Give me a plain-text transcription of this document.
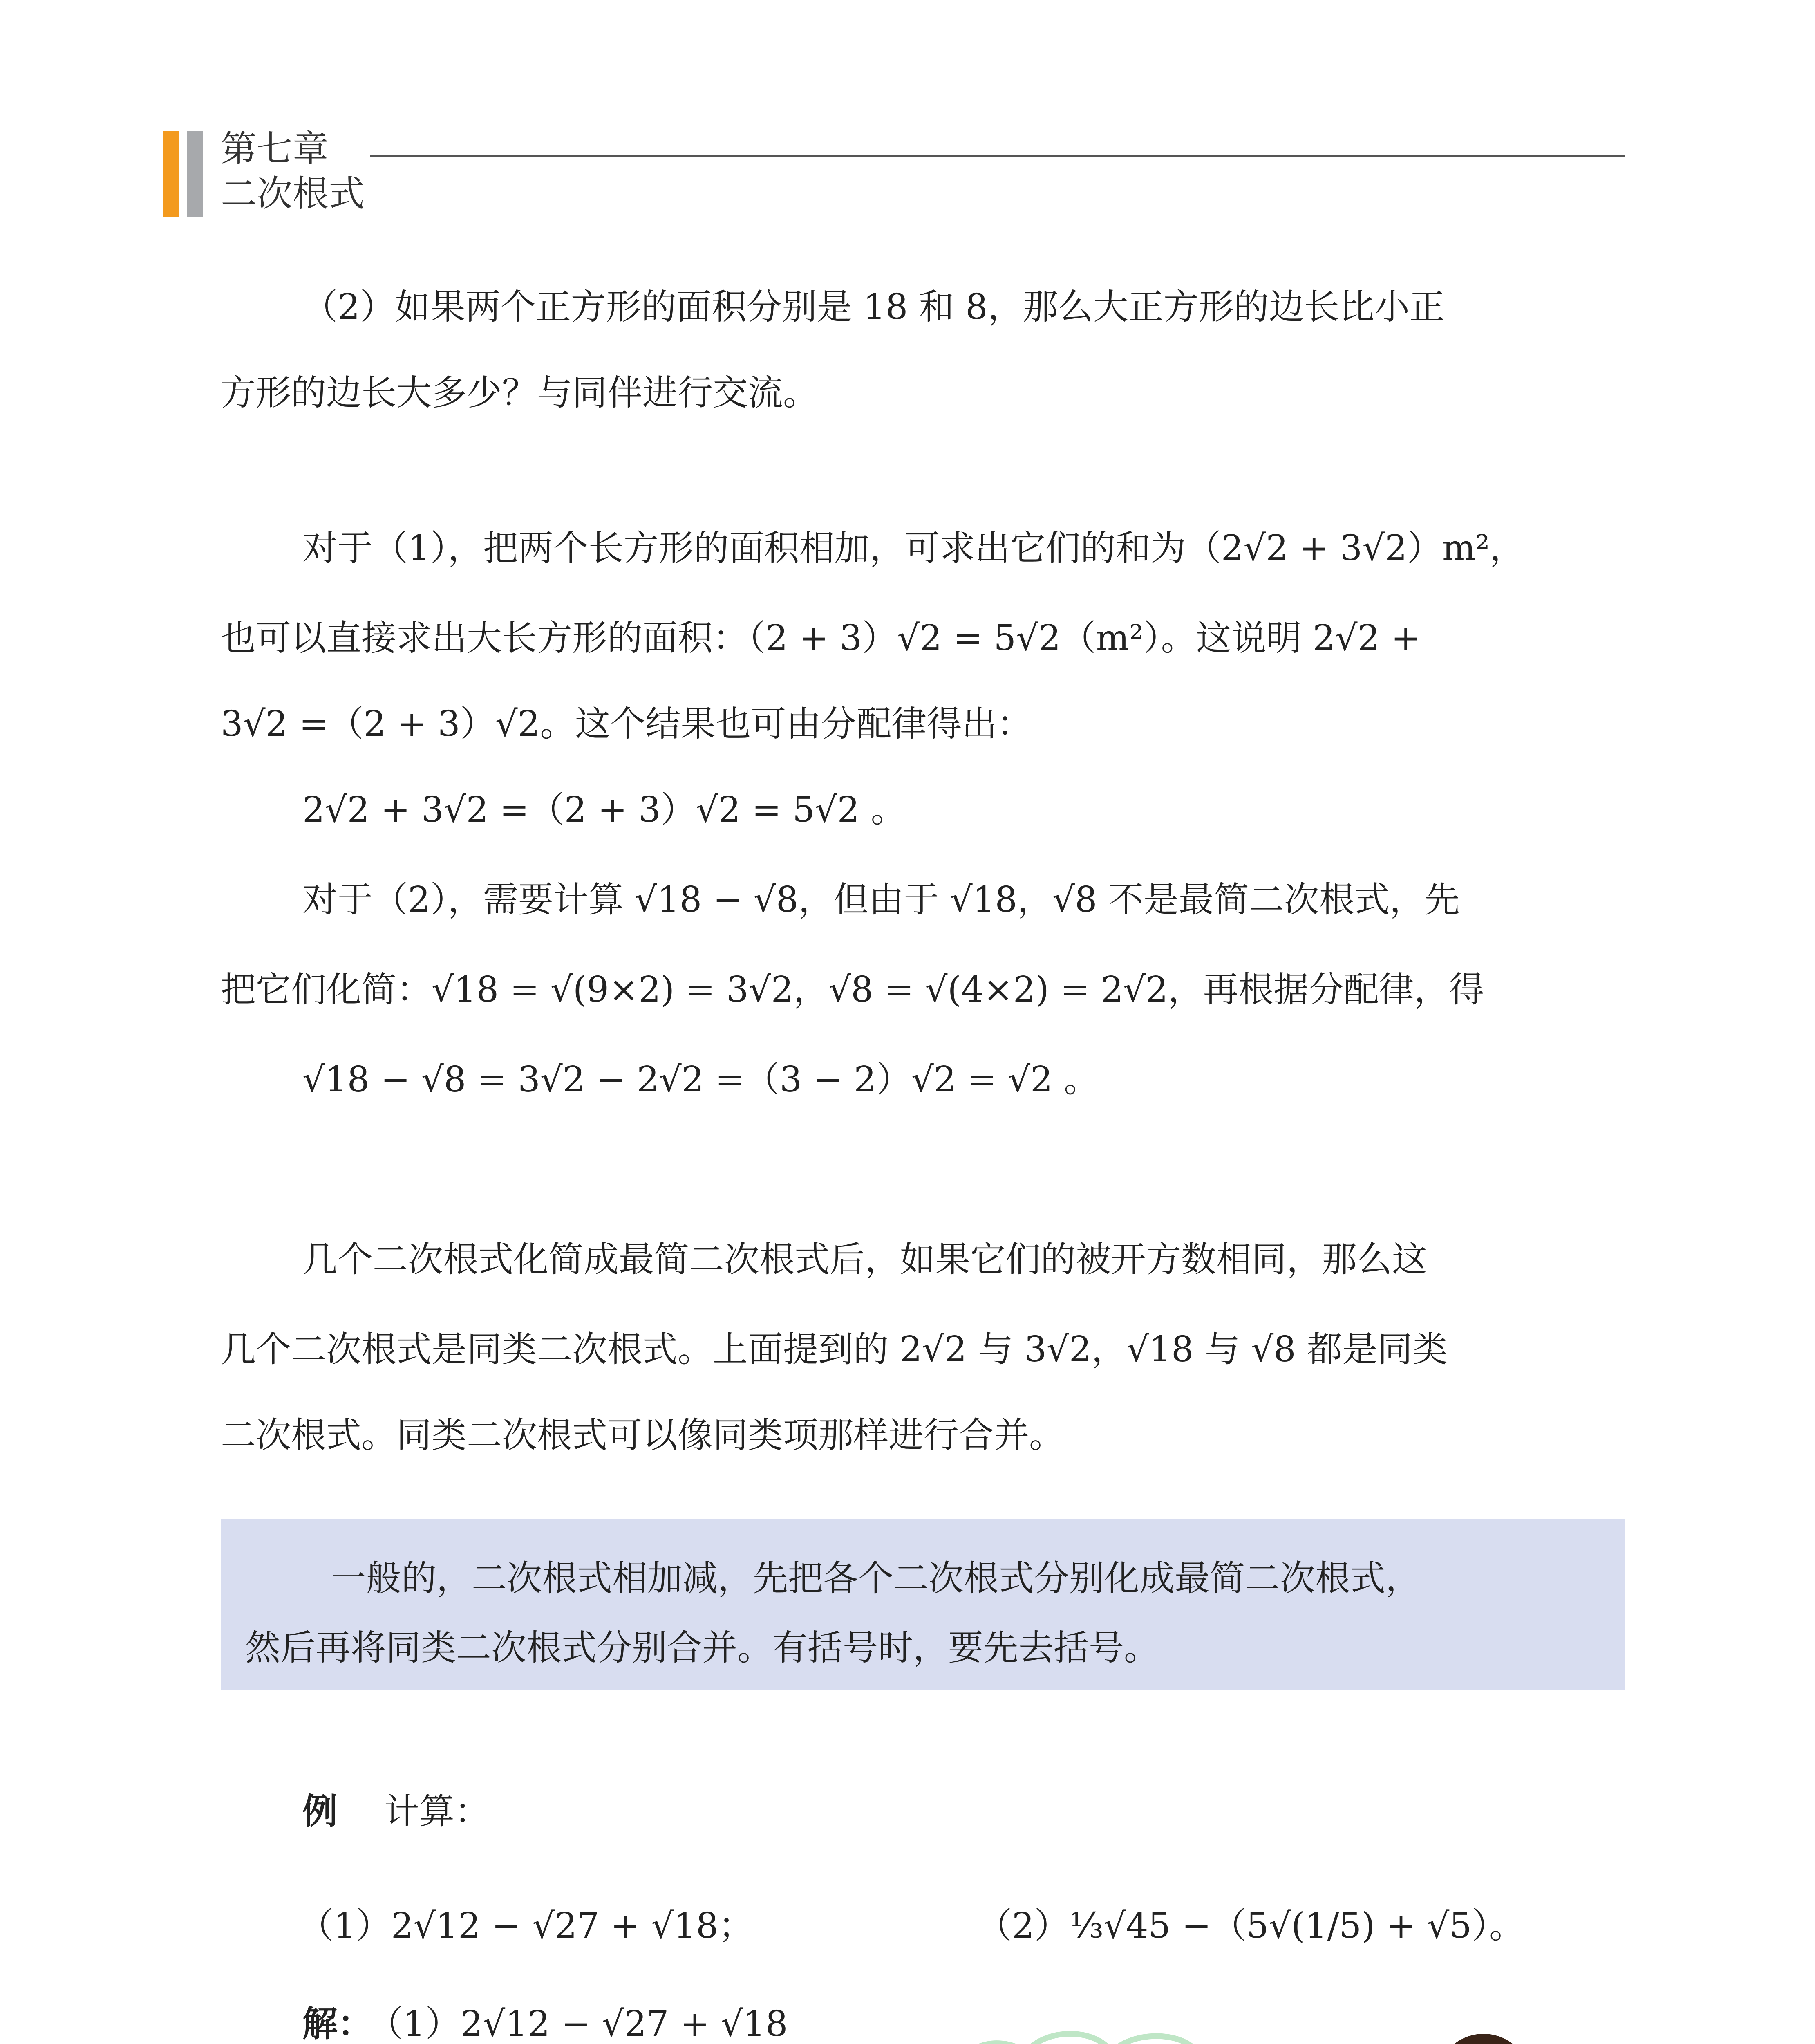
第七章
二次根式
（2）如果两个正方形的面积分别是 18 和 8，那么大正方形的边长比小正
方形的边长大多少？与同伴进行交流。
对于（1），把两个长方形的面积相加，可求出它们的和为（2√2 + 3√2）m²，
也可以直接求出大长方形的面积：（2 + 3）√2 = 5√2（m²）。这说明 2√2 +
3√2 =（2 + 3）√2。这个结果也可由分配律得出：
2√2 + 3√2 =（2 + 3）√2 = 5√2 。
对于（2），需要计算 √18 − √8，但由于 √18，√8 不是最简二次根式，先
把它们化简：√18 = √(9×2) = 3√2，√8 = √(4×2) = 2√2，再根据分配律，得
√18 − √8 = 3√2 − 2√2 =（3 − 2）√2 = √2 。
几个二次根式化简成最简二次根式后，如果它们的被开方数相同，那么这
几个二次根式是同类二次根式。上面提到的 2√2 与 3√2，√18 与 √8 都是同类
二次根式。同类二次根式可以像同类项那样进行合并。
一般的，二次根式相加减，先把各个二次根式分别化成最简二次根式，
然后再将同类二次根式分别合并。有括号时，要先去括号。
例 计算：
（1）2√12 − √27 + √18；	（2）⅓√45 −（5√(1/5) + √5）。
解：
（1）2√12 − √27 + √18
